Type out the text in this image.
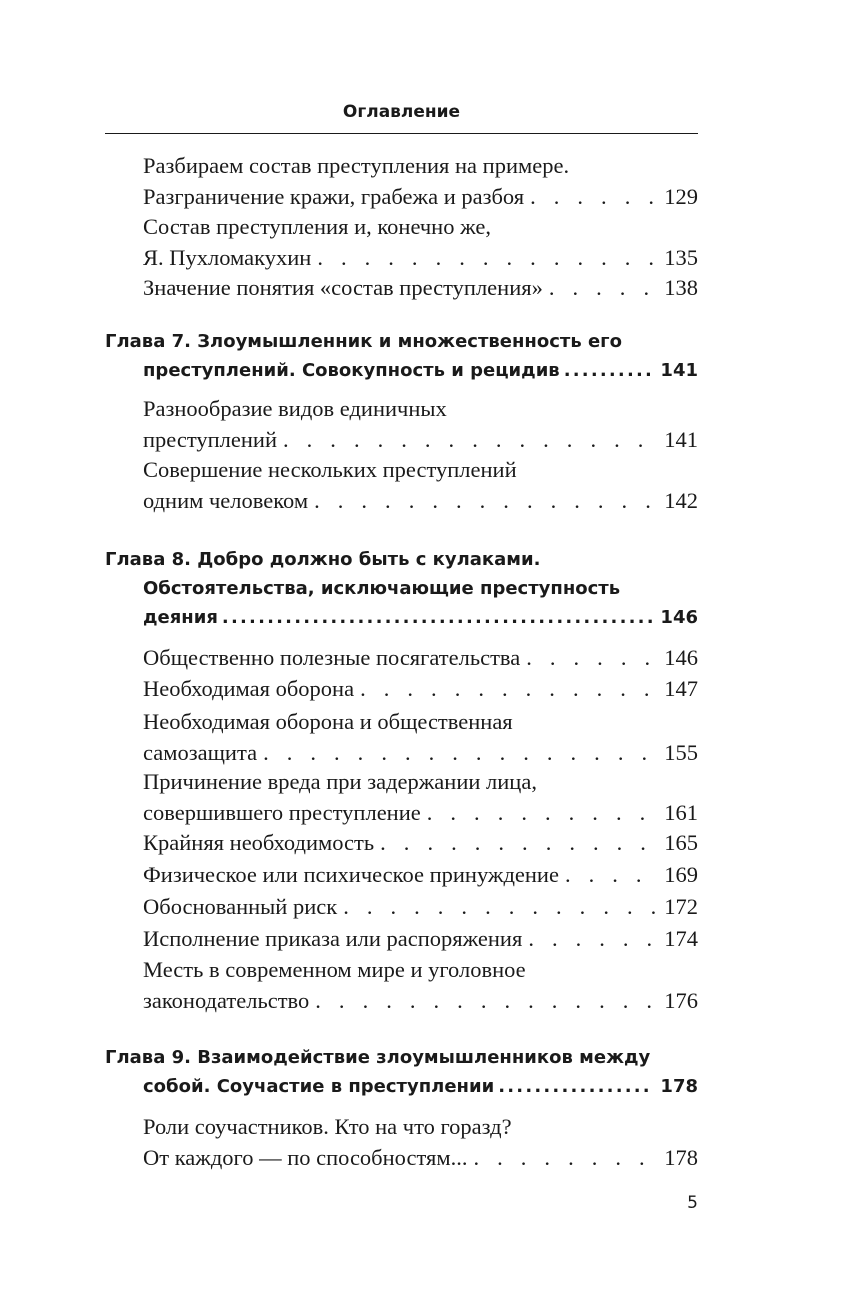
Оглавление
Разбираем состав преступления на примере.
Разграничение кражи, грабежа и разбоя . . .	129
Состав преступления и, конечно же,
Я. Пухломакухин . . .	135
Значение понятия «состав преступления» . . .	138
Глава 7. Злоумышленник и множественность его
преступлений. Совокупность и рецидив .....	141
Разнообразие видов единичных
преступлений . . .	141
Совершение нескольких преступлений
одним человеком . . .	142
Глава 8. Добро должно быть с кулаками.
Обстоятельства, исключающие преступность
деяния .....	146
Общественно полезные посягательства . . .	146
Необходимая оборона . . .	147
Необходимая оборона и общественная
самозащита . . .	155
Причинение вреда при задержании лица,
совершившего преступление . . .	161
Крайняя необходимость . . .	165
Физическое или психическое принуждение . . .	169
Обоснованный риск . . .	172
Исполнение приказа или распоряжения . . .	174
Месть в современном мире и уголовное
законодательство . . .	176
Глава 9. Взаимодействие злоумышленников между
собой. Соучастие в преступлении .....	178
Роли соучастников. Кто на что горазд?
От каждого — по способностям... . . .	178
5
